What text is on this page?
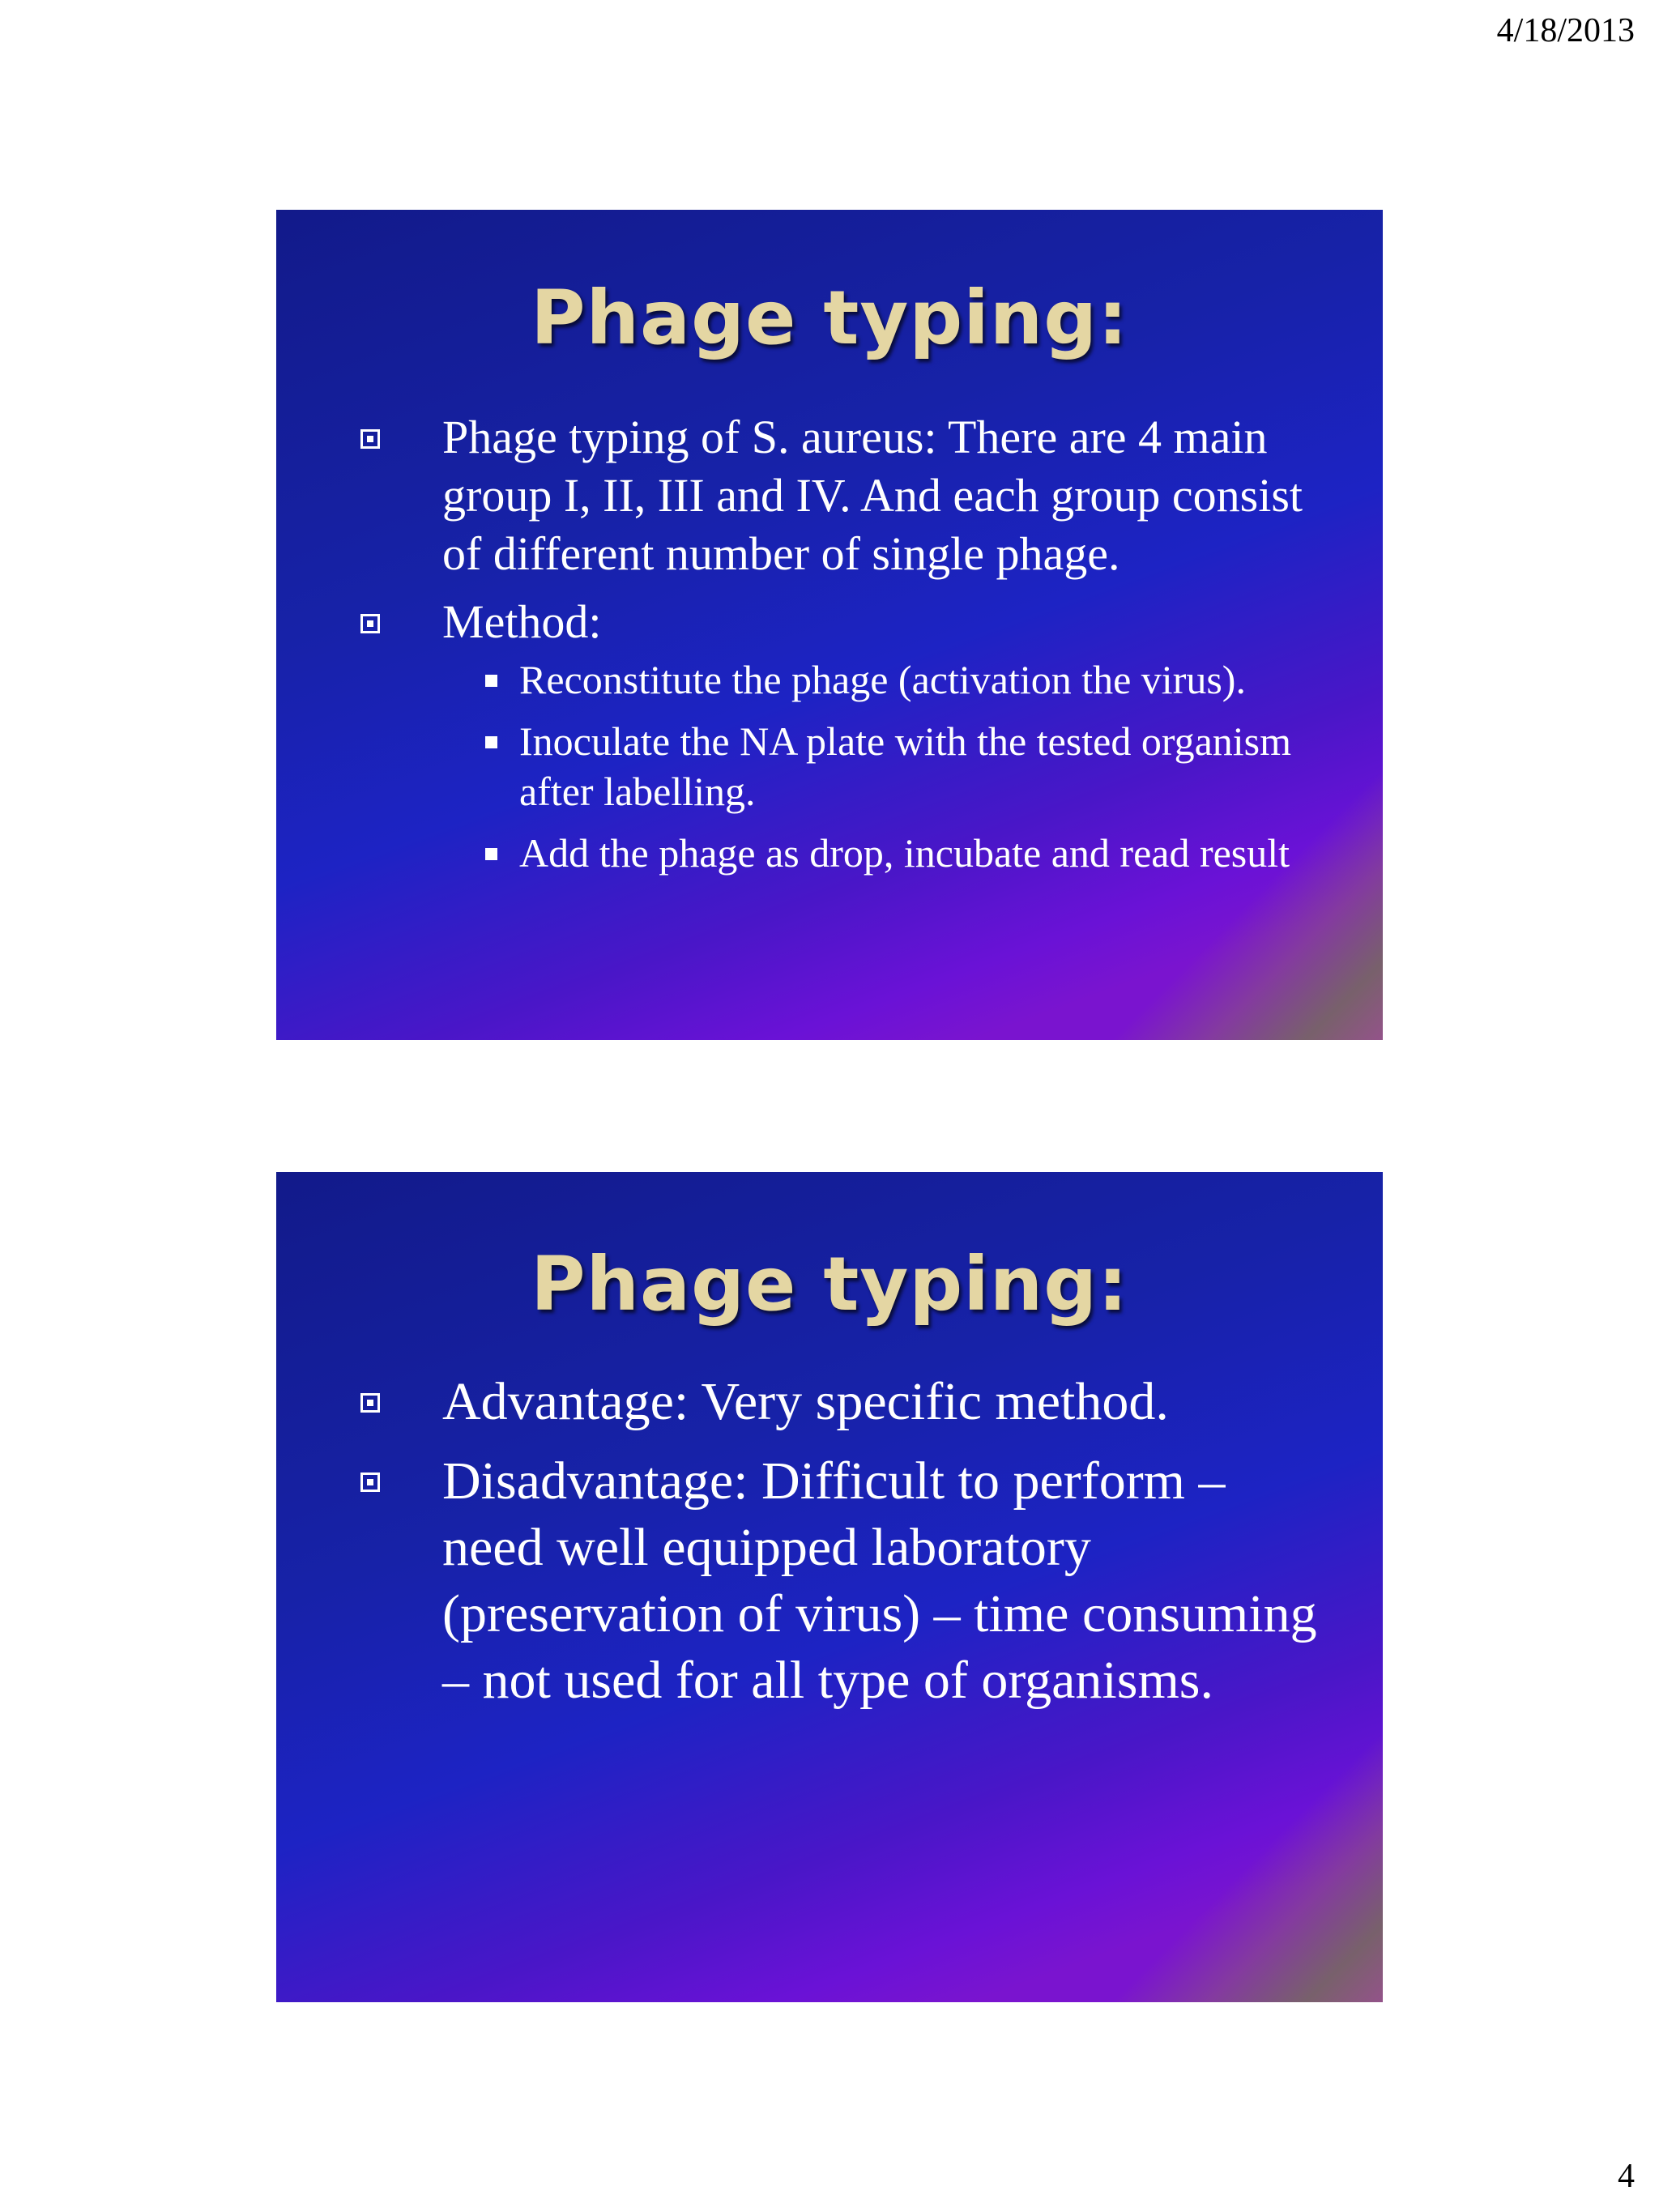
4/18/2013
Phage typing:
Phage typing of S. aureus: There are 4 main group I, II, III and IV. And each group consist of different number of single phage.
Method:
Reconstitute the phage (activation the virus).
Inoculate the NA plate with the tested organism after labelling.
Add the phage as drop, incubate and read result
Phage typing:
Advantage: Very specific method.
Disadvantage: Difficult to perform – need well equipped laboratory (preservation of virus) – time consuming – not used for all type of organisms.
4
